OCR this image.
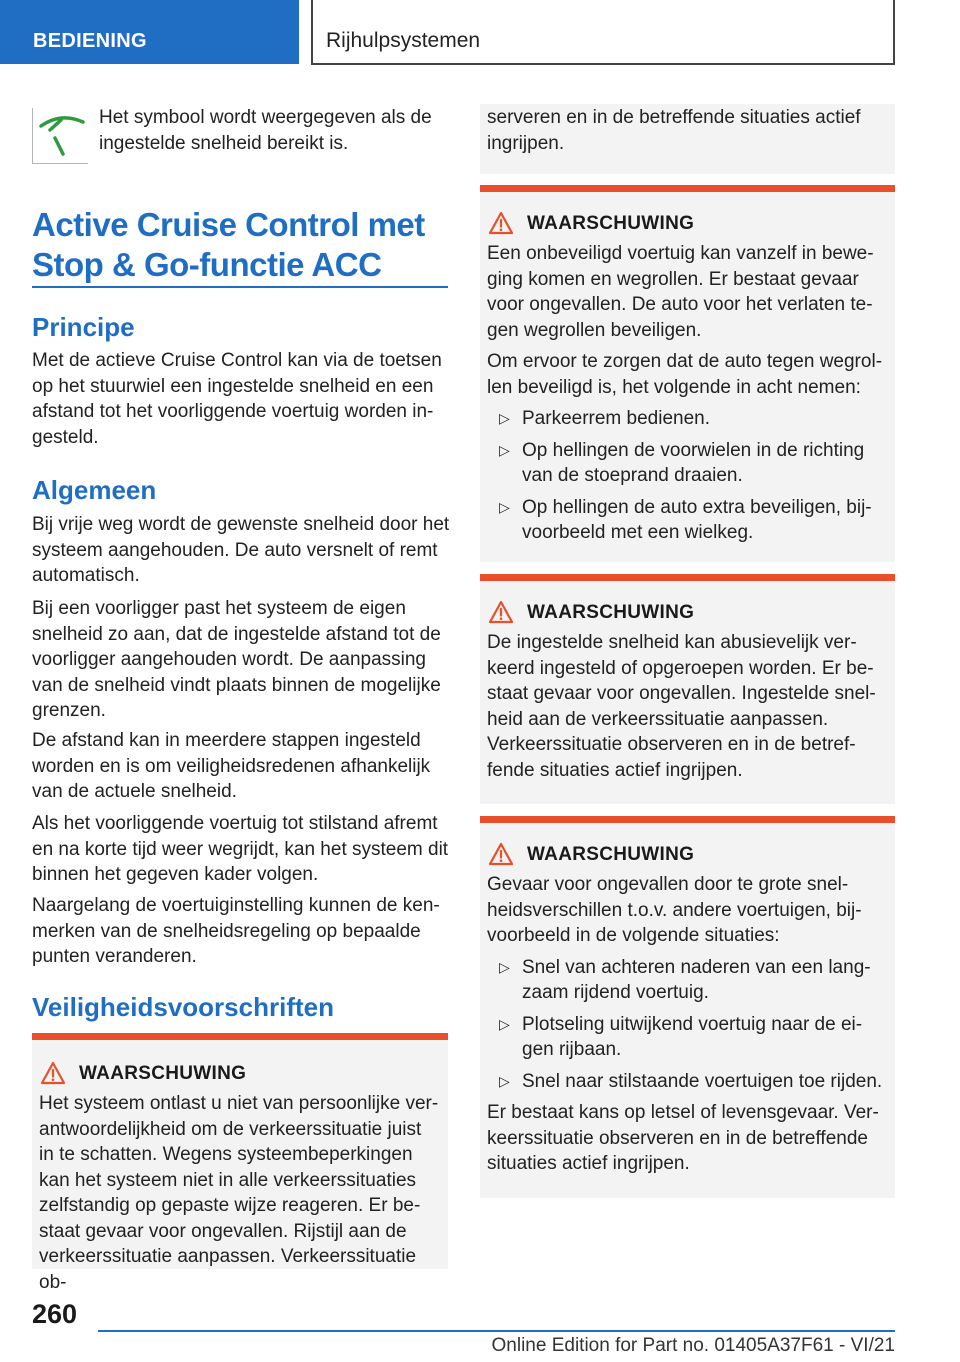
BEDIENING	Rijhulpsystemen
Het symbool wordt weergegeven als de ingestelde snelheid bereikt is.
Active Cruise Control met Stop & Go-functie ACC
Principe
Met de actieve Cruise Control kan via de toetsen op het stuurwiel een ingestelde snelheid en een afstand tot het voorliggende voertuig worden ingesteld.
Algemeen
Bij vrije weg wordt de gewenste snelheid door het systeem aangehouden. De auto versnelt of remt automatisch.
Bij een voorligger past het systeem de eigen snelheid zo aan, dat de ingestelde afstand tot de voorligger aangehouden wordt. De aanpassing van de snelheid vindt plaats binnen de mogelijke grenzen.
De afstand kan in meerdere stappen ingesteld worden en is om veiligheidsredenen afhankelijk van de actuele snelheid.
Als het voorliggende voertuig tot stilstand afremt en na korte tijd weer wegrijdt, kan het systeem dit binnen het gegeven kader volgen.
Naargelang de voertuiginstelling kunnen de kenmerken van de snelheidsregeling op bepaalde punten veranderen.
Veiligheidsvoorschriften
WAARSCHUWING
Het systeem ontlast u niet van persoonlijke verantwoordelijkheid om de verkeerssituatie juist in te schatten. Wegens systeembeperkingen kan het systeem niet in alle verkeerssituaties zelfstandig op gepaste wijze reageren. Er bestaat gevaar voor ongevallen. Rijstijl aan de verkeerssituatie aanpassen. Verkeerssituatie ob-
serveren en in de betreffende situaties actief ingrijpen.
WAARSCHUWING

Een onbeveiligd voertuig kan vanzelf in beweging komen en wegrollen. Er bestaat gevaar voor ongevallen. De auto voor het verlaten tegen wegrollen beveiligen.

Om ervoor te zorgen dat de auto tegen wegrollen beveiligd is, het volgende in acht nemen:

▷ Parkeerrem bedienen.
▷ Op hellingen de voorwielen in de richting van de stoeprand draaien.
▷ Op hellingen de auto extra beveiligen, bijvoorbeeld met een wielkeg.
WAARSCHUWING
De ingestelde snelheid kan abusievelijk verkeerd ingesteld of opgeroepen worden. Er bestaat gevaar voor ongevallen. Ingestelde snelheid aan de verkeerssituatie aanpassen. Verkeerssituatie observeren en in de betreffende situaties actief ingrijpen.
WAARSCHUWING

Gevaar voor ongevallen door te grote snelheidsverschillen t.o.v. andere voertuigen, bijvoorbeeld in de volgende situaties:

▷ Snel van achteren naderen van een langzaam rijdend voertuig.
▷ Plotseling uitwijkend voertuig naar de eigen rijbaan.
▷ Snel naar stilstaande voertuigen toe rijden.

Er bestaat kans op letsel of levensgevaar. Verkeerssituatie observeren en in de betreffende situaties actief ingrijpen.

260
Online Edition for Part no. 01405A37F61 - VI/21
